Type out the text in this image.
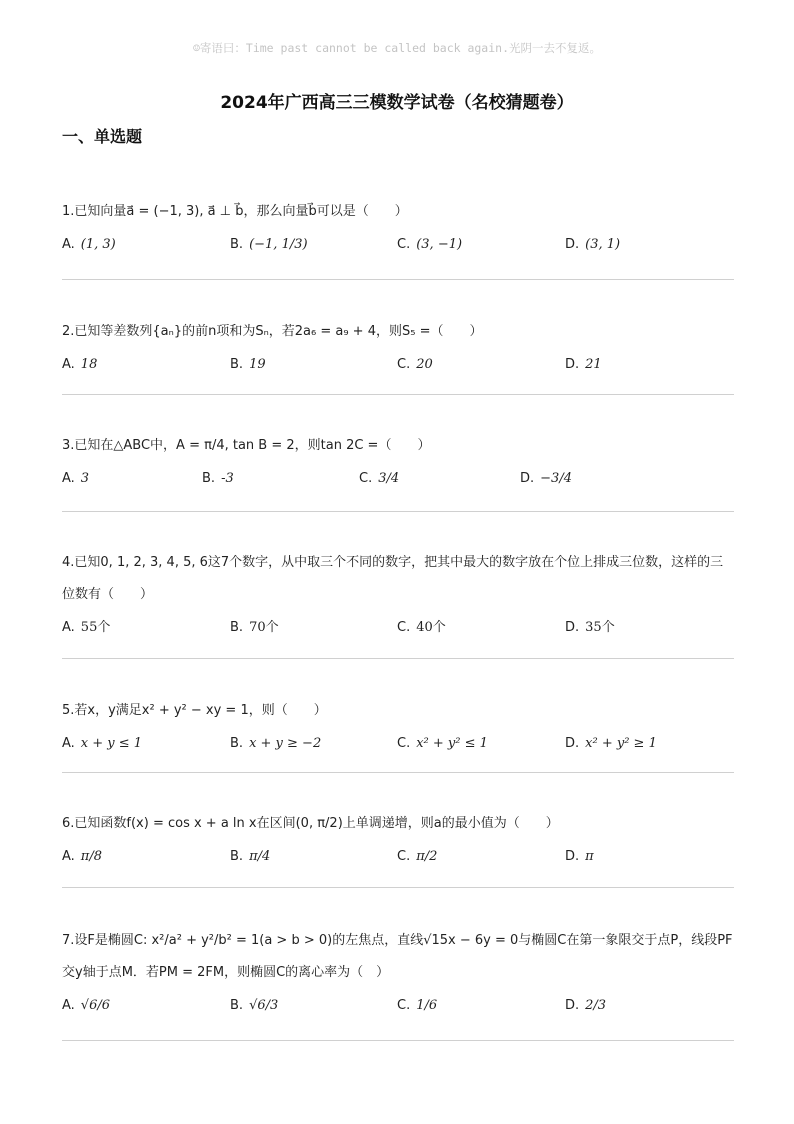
☺寄语曰：Time past cannot be called back again.光阴一去不复返。
2024年广西高三三模数学试卷（名校猜题卷）
一、单选题
1.已知向量a⃗ = (−1, 3), a⃗ ⊥ b⃗，那么向量b⃗可以是（　　）
A. (1, 3)	B. (−1, 1/3)	C. (3, −1)	D. (3, 1)
2.已知等差数列{aₙ}的前n项和为Sₙ，若2a₆ = a₉ + 4，则S₅ =（　　）
A. 18	B. 19	C. 20	D. 21
3.已知在△ABC中，A = π/4, tan B = 2，则tan 2C =（　　）
A. 3	B. -3	C. 3/4	D. −3/4
4.已知0, 1, 2, 3, 4, 5, 6这7个数字，从中取三个不同的数字，把其中最大的数字放在个位上排成三位数，这样的三位数有（　　）
A. 55个	B. 70个	C. 40个	D. 35个
5.若x，y满足x² + y² − xy = 1，则（　　）
A. x + y ≤ 1	B. x + y ≥ −2	C. x² + y² ≤ 1	D. x² + y² ≥ 1
6.已知函数f(x) = cos x + a ln x在区间(0, π/2)上单调递增，则a的最小值为（　　）
A. π/8	B. π/4	C. π/2	D. π
7.设F是椭圆C: x²/a² + y²/b² = 1(a > b > 0)的左焦点，直线√15x − 6y = 0与椭圆C在第一象限交于点P，线段PF交y轴于点M．若PM = 2FM，则椭圆C的离心率为（　）
A. √6/6	B. √6/3	C. 1/6	D. 2/3
